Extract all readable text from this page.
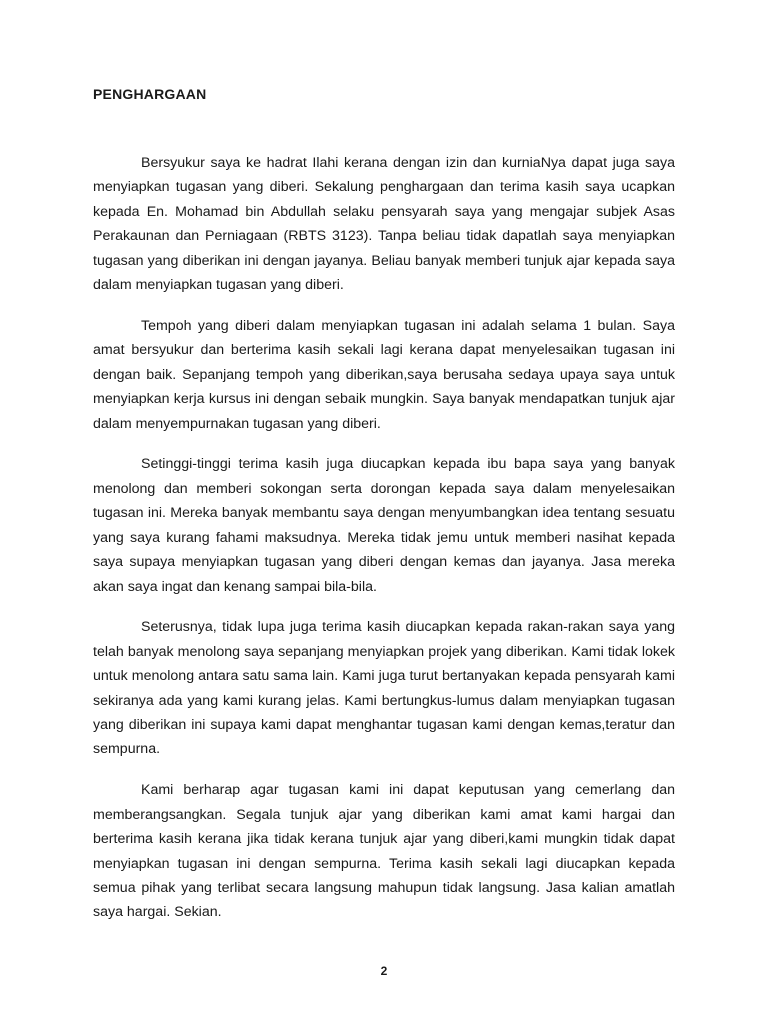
PENGHARGAAN

Bersyukur saya ke hadrat Ilahi kerana dengan izin dan kurniaNya dapat juga saya menyiapkan tugasan yang diberi. Sekalung penghargaan dan terima kasih saya ucapkan kepada En. Mohamad bin Abdullah selaku pensyarah saya yang mengajar subjek Asas Perakaunan dan Perniagaan (RBTS 3123). Tanpa beliau tidak dapatlah saya menyiapkan tugasan yang diberikan ini dengan jayanya. Beliau banyak memberi tunjuk ajar kepada saya dalam menyiapkan tugasan yang diberi.

Tempoh yang diberi dalam menyiapkan tugasan ini adalah selama 1 bulan. Saya amat bersyukur dan berterima kasih sekali lagi kerana dapat menyelesaikan tugasan ini dengan baik. Sepanjang tempoh yang diberikan,saya berusaha sedaya upaya saya untuk menyiapkan kerja kursus ini dengan sebaik mungkin. Saya banyak mendapatkan tunjuk ajar dalam menyempurnakan tugasan yang diberi.

Setinggi-tinggi terima kasih juga diucapkan kepada ibu bapa saya yang banyak menolong dan memberi sokongan serta dorongan kepada saya dalam menyelesaikan tugasan ini. Mereka banyak membantu saya dengan menyumbangkan idea tentang sesuatu yang saya kurang fahami maksudnya. Mereka tidak jemu untuk memberi nasihat kepada saya supaya menyiapkan tugasan yang diberi dengan kemas dan jayanya. Jasa mereka akan saya ingat dan kenang sampai bila-bila.

Seterusnya, tidak lupa juga terima kasih diucapkan kepada rakan-rakan saya yang telah banyak menolong saya sepanjang menyiapkan projek yang diberikan. Kami tidak lokek untuk menolong antara satu sama lain. Kami juga turut bertanyakan kepada pensyarah kami sekiranya ada yang kami kurang jelas. Kami bertungkus-lumus dalam menyiapkan tugasan yang diberikan ini supaya kami dapat menghantar tugasan kami dengan kemas,teratur dan sempurna.

Kami berharap agar tugasan kami ini dapat keputusan yang cemerlang dan memberangsangkan. Segala tunjuk ajar yang diberikan kami amat kami hargai dan berterima kasih kerana jika tidak kerana tunjuk ajar yang diberi,kami mungkin tidak dapat menyiapkan tugasan ini dengan sempurna. Terima kasih sekali lagi diucapkan kepada semua pihak yang terlibat secara langsung mahupun tidak langsung. Jasa kalian amatlah saya hargai. Sekian.

2
